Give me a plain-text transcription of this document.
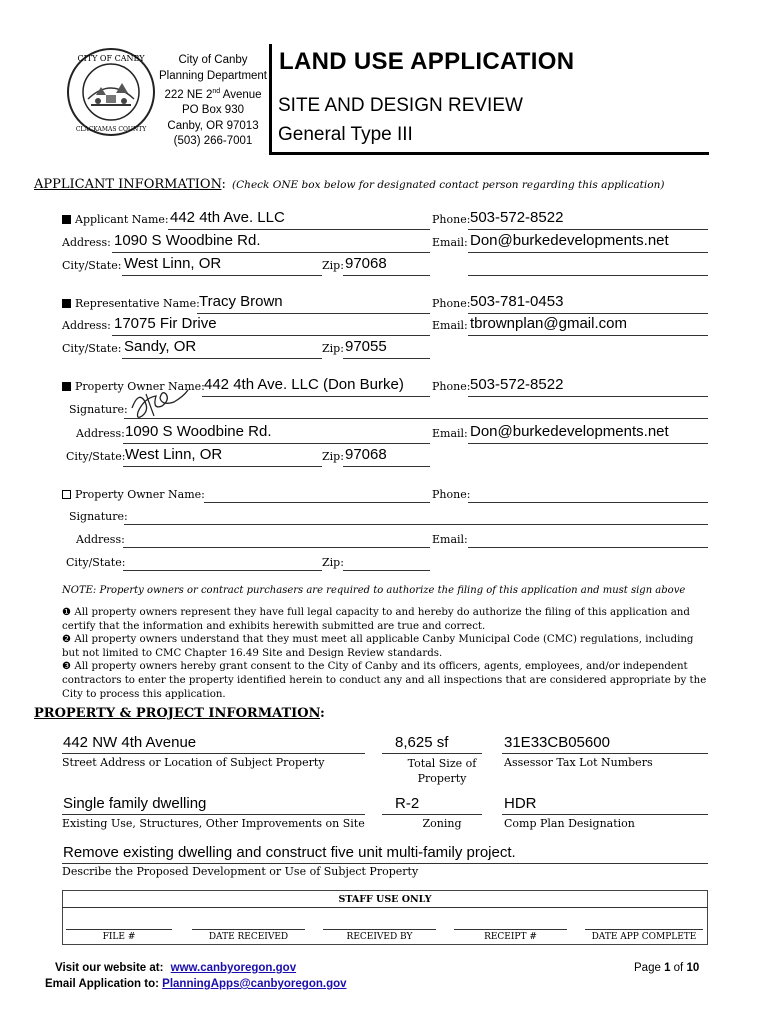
CITY OF CANBY
CLACKAMAS COUNTY
City of Canby
Planning Department
222 NE 2nd Avenue
PO Box 930
Canby, OR 97013
(503) 266-7001
LAND USE APPLICATION
SITE AND DESIGN REVIEW
General Type III
APPLICANT INFORMATION: (Check ONE box below for designated contact person regarding this application)
Applicant Name: 442 4th Ave. LLC	Phone: 503-572-8522
Address: 1090 S Woodbine Rd.	Email: Don@burkedevelopments.net
City/State: West Linn, OR	Zip: 97068
Representative Name: Tracy Brown	Phone: 503-781-0453
Address: 17075 Fir Drive	Email: tbrownplan@gmail.com
City/State: Sandy, OR	Zip: 97055
Property Owner Name: 442 4th Ave. LLC (Don Burke)	Phone: 503-572-8522
Signature:
Address: 1090 S Woodbine Rd.	Email: Don@burkedevelopments.net
City/State: West Linn, OR	Zip: 97068
Property Owner Name:	Phone:
Signature:
Address:	Email:
City/State:	Zip:
NOTE: Property owners or contract purchasers are required to authorize the filing of this application and must sign above
❶ All property owners represent they have full legal capacity to and hereby do authorize the filing of this application and certify that the information and exhibits herewith submitted are true and correct.
❷ All property owners understand that they must meet all applicable Canby Municipal Code (CMC) regulations, including but not limited to CMC Chapter 16.49 Site and Design Review standards.
❸ All property owners hereby grant consent to the City of Canby and its officers, agents, employees, and/or independent contractors to enter the property identified herein to conduct any and all inspections that are considered appropriate by the City to process this application.
PROPERTY & PROJECT INFORMATION:
442 NW 4th Avenue
Street Address or Location of Subject Property
8,625 sf
Total Size of
Property
31E33CB05600
Assessor Tax Lot Numbers
Single family dwelling
Existing Use, Structures, Other Improvements on Site
R-2
Zoning
HDR
Comp Plan Designation
Remove existing dwelling and construct five unit multi-family project.
Describe the Proposed Development or Use of Subject Property
STAFF USE ONLY
FILE #	DATE RECEIVED	RECEIVED BY	RECEIPT #	DATE APP COMPLETE
Visit our website at: www.canbyoregon.gov
Email Application to: PlanningApps@canbyoregon.gov
Page 1 of 10
